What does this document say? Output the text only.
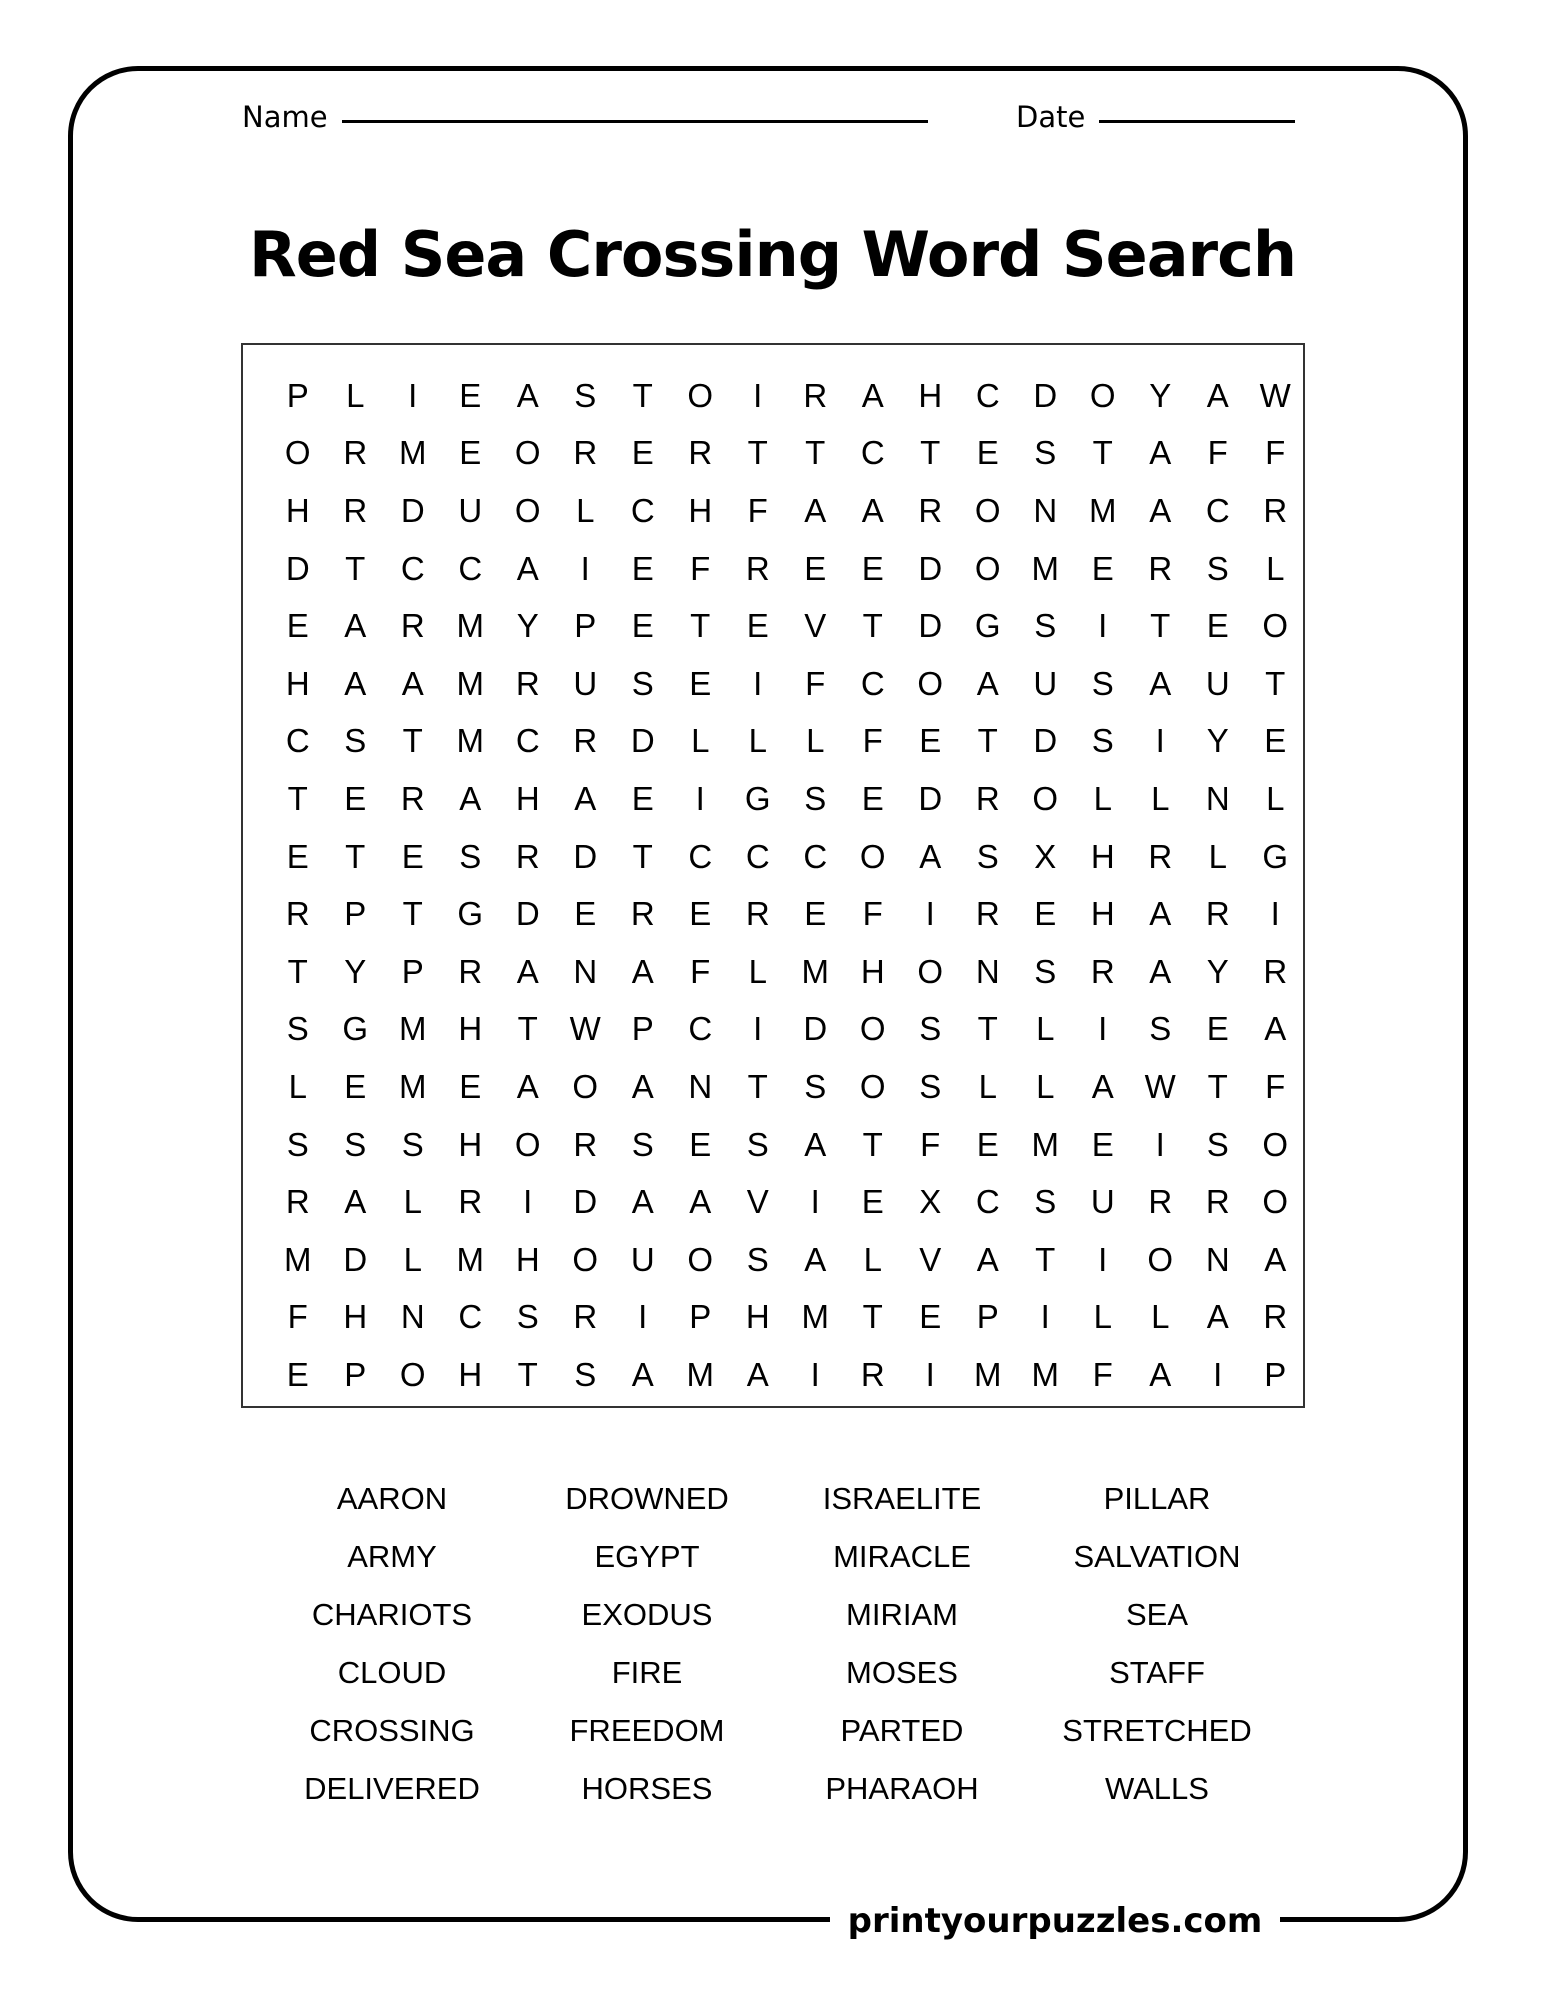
printyourpuzzles.com
Name	Date
Red Sea Crossing Word Search
P	L	I	E	A	S	T	O	I	R	A	H	C	D O	Y	A W
O R M E	O R	E	R	T	T	C	T	E	S	T	A	F	F
H	R	D	U O	L	C	H	F	A	A	R O N M A	C	R
D	T	C	C	A	I	E	F	R	E	E	D O M E	R	S	L
E	A	R M Y	P	E	T	E	V	T	D G	S	I	T	E	O
H	A	A M R	U	S	E	I	F	C O	A	U	S	A	U	T
C	S	T	M C	R	D	L	L	L	F	E	T	D	S	I	Y	E
T	E	R	A	H	A	E	I	G	S	E	D	R O	L	L	N	L
E	T	E	S	R	D	T	C	C	C O	A	S	X	H	R	L	G
R	P	T	G D	E	R	E	R	E	F	I	R	E	H	A	R	I
T	Y	P	R	A	N	A	F	L	M H O N	S	R	A	Y	R
S	G M H	T W P	C	I	D O	S	T	L	I	S	E	A
L	E M E	A	O	A	N	T	S	O	S	L	L	A W T	F
S	S	S	H O R	S	E	S	A	T	F	E M E	I	S	O
R	A	L	R	I	D	A	A	V	I	E	X	C	S	U	R	R O
M D	L	M H O U O	S	A	L	V	A	T	I	O N	A
F	H	N	C	S	R	I	P	H M	T	E	P	I	L	L	A	R
E	P	O H	T	S	A M A	I	R	I	M M	F	A	I	P
AARON	DROWNED	ISRAELITE	PILLAR
ARMY	EGYPT	MIRACLE	SALVATION
CHARIOTS	EXODUS	MIRIAM	SEA
CLOUD	FIRE	MOSES	STAFF
CROSSING	FREEDOM	PARTED	STRETCHED
DELIVERED	HORSES	PHARAOH	WALLS
